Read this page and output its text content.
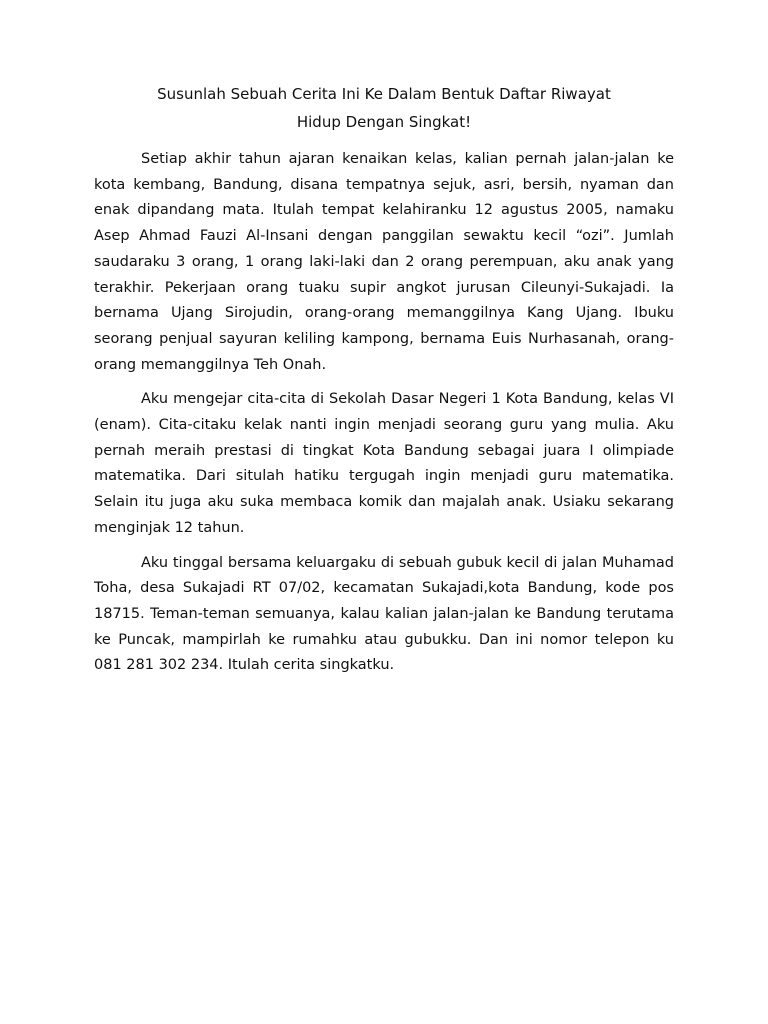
Susunlah Sebuah Cerita Ini Ke Dalam Bentuk Daftar Riwayat
Hidup Dengan Singkat!

Setiap akhir tahun ajaran kenaikan kelas, kalian pernah jalan-jalan ke kota kembang, Bandung, disana tempatnya sejuk, asri, bersih, nyaman dan enak dipandang mata. Itulah tempat kelahiranku 12 agustus 2005, namaku Asep Ahmad Fauzi Al-Insani dengan panggilan sewaktu kecil “ozi”. Jumlah saudaraku 3 orang, 1 orang laki-laki dan 2 orang perempuan, aku anak yang terakhir. Pekerjaan orang tuaku supir angkot jurusan Cileunyi-Sukajadi. Ia bernama Ujang Sirojudin, orang-orang memanggilnya Kang Ujang. Ibuku seorang penjual sayuran keliling kampong, bernama Euis Nurhasanah, orang-orang memanggilnya Teh Onah.

Aku mengejar cita-cita di Sekolah Dasar Negeri 1 Kota Bandung, kelas VI (enam). Cita-citaku kelak nanti ingin menjadi seorang guru yang mulia. Aku pernah meraih prestasi di tingkat Kota Bandung sebagai juara I olimpiade matematika. Dari situlah hatiku tergugah ingin menjadi guru matematika. Selain itu juga aku suka membaca komik dan majalah anak. Usiaku sekarang menginjak 12 tahun.

Aku tinggal bersama keluargaku di sebuah gubuk kecil di jalan Muhamad Toha, desa Sukajadi RT 07/02, kecamatan Sukajadi,kota Bandung, kode pos 18715. Teman-teman semuanya, kalau kalian jalan-jalan ke Bandung terutama ke Puncak, mampirlah ke rumahku atau gubukku. Dan ini nomor telepon ku 081 281 302 234. Itulah cerita singkatku.
